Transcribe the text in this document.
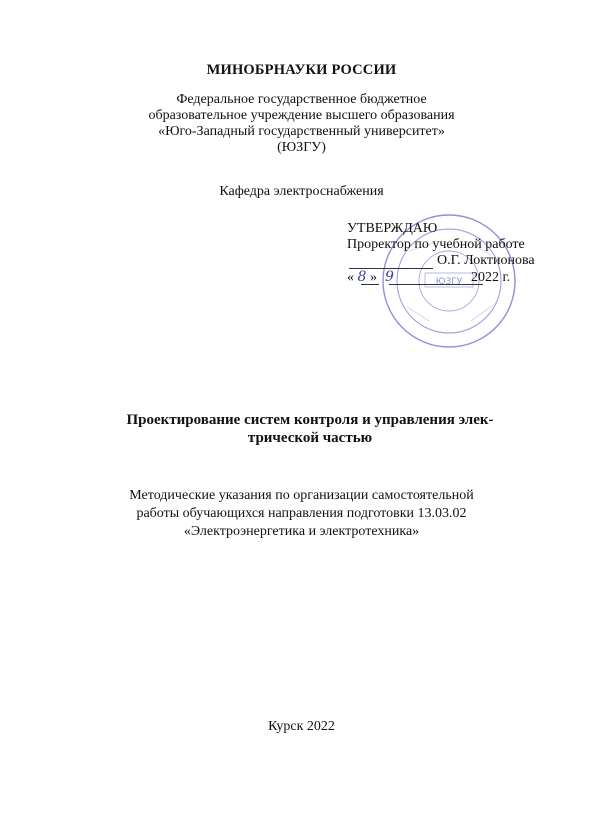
МИНОБРНАУКИ РОССИИ
Федеральное государственное бюджетное
образовательное учреждение высшего образования
«Юго-Западный государственный университет»
(ЮЗГУ)
Кафедра электроснабжения
ЮЗГУ
УТВЕРЖДАЮ
Проректор по учебной работе
О.Г. Локтионова
« 8 » 9	2022 г.
Проектирование систем контроля и управления элек-
трической частью
Методические указания по организации самостоятельной
работы обучающихся направления подготовки 13.03.02
«Электроэнергетика и электротехника»
Курск 2022
